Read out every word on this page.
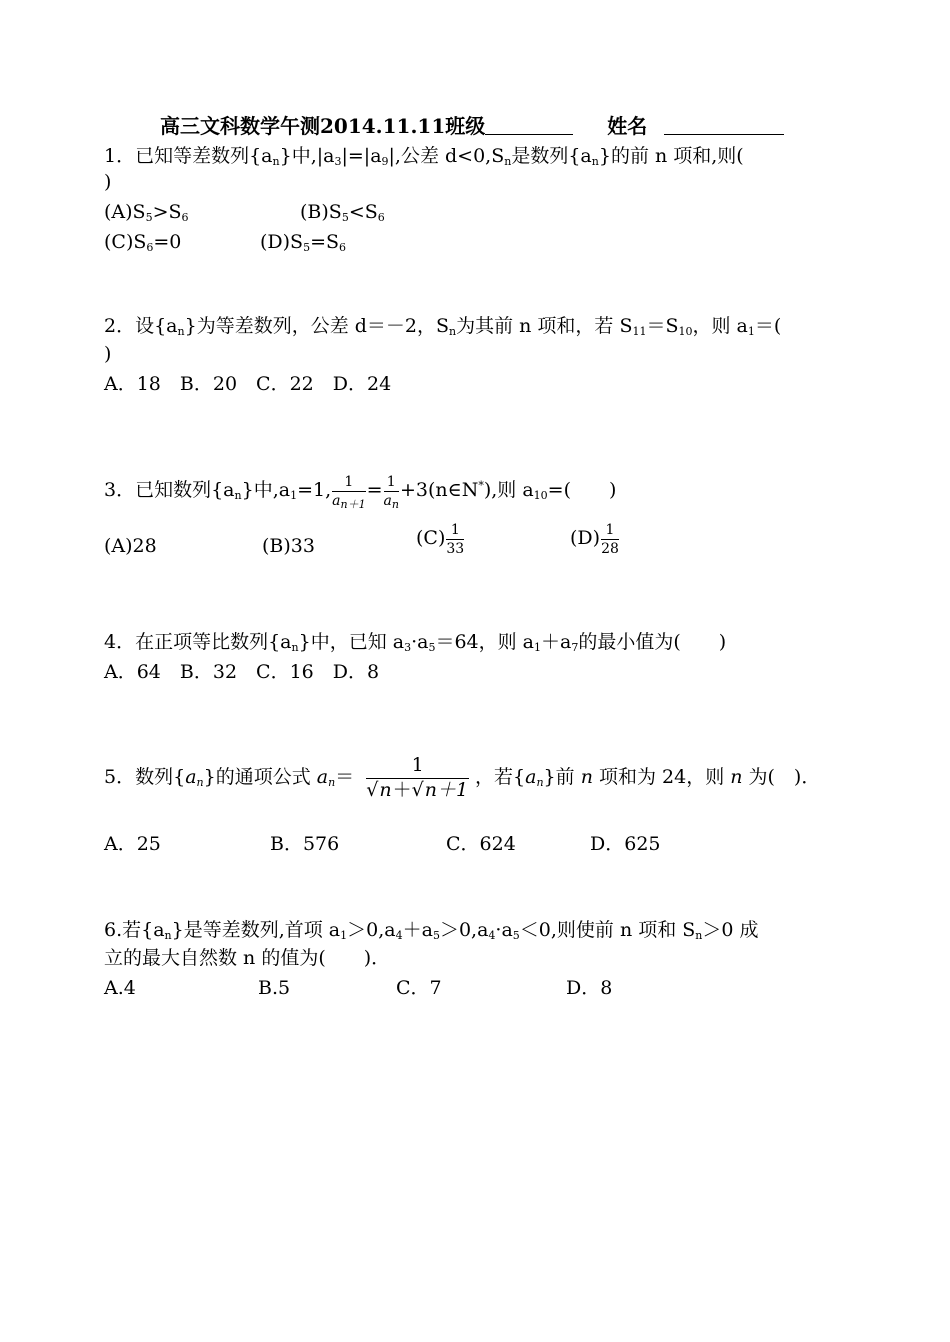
高三文科数学午测2014.11.11班级	姓名
1．已知等差数列$\{a_n\}$中$,|a_3|=|a_9|$,公差 $d<0,S_n$是数列$\{a_n\}$的前 n 项和,则(
)
$(A)S_5>S_6$	$(B)S_5<S_6$
$(C)S_6=0$	$(D)S_5=S_6$
2．设$\{a_n\}$为等差数列，公差 d＝－2，$S_n$为其前 n 项和，若 $S_{11}=S_{10}$，则 $a_1=$(
)
A．18　B．20　C．22　D．24
3．已知数列$\{a_n\}$中$,a_1=1$, $\frac{1}{a_{n+1}} = \frac{1}{a_n}$ +3(n∈N*),则 $a_{10}=$(　　)
(A)28	(B)33	$(C) \frac{1}{33}$	$(D) \frac{1}{28}$
4．在正项等比数列$\{a_n\}$中，已知 $a_3\cdot a_5=64$，则 $a_1+a_7$的最小值为(　　)
A．64　B．32　C．16　D．8
5．数列$\{a_n\}$的通项公式 $a_n= \frac{1}{√n+√n+1}$ ，若$\{a_n\}$前 n 项和为 24，则 n 为(　)．
A．25	B．576	C．624	D．625
6.若$\{a_n\}$是等差数列,首项 $a_1>0,a_4+a_5>0,a_4\cdot a_5<0$,则使前 n 项和 $S_n>0$ 成
立的最大自然数 n 的值为(　　)．
A.4	B.5	C．7	D．8
